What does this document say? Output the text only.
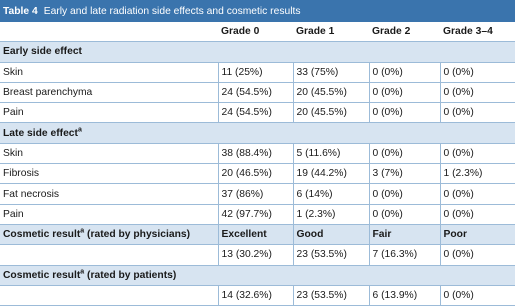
Table 4 Early and late radiation side effects and cosmetic results
	Grade 0	Grade 1	Grade 2	Grade 3–4
Early side effect				
Skin	11 (25%)	33 (75%)	0 (0%)	0 (0%)
Breast parenchyma	24 (54.5%)	20 (45.5%)	0 (0%)	0 (0%)
Pain	24 (54.5%)	20 (45.5%)	0 (0%)	0 (0%)
Late side effect$^a$
Skin	38 (88.4%)	5 (11.6%)	0 (0%)	0 (0%)
Fibrosis	20 (46.5%)	19 (44.2%)	3 (7%)	1 (2.3%)
Fat necrosis	37 (86%)	6 (14%)	0 (0%)	0 (0%)
Pain	42 (97.7%)	1 (2.3%)	0 (0%)	0 (0%)
Cosmetic result$^a$ (rated by physicians)	Excellent	Good	Fair	Poor
	13 (30.2%)	23 (53.5%)	7 (16.3%)	0 (0%)
Cosmetic result$^a$ (rated by patients)				
	14 (32.6%)	23 (53.5%)	6 (13.9%)	0 (0%)
